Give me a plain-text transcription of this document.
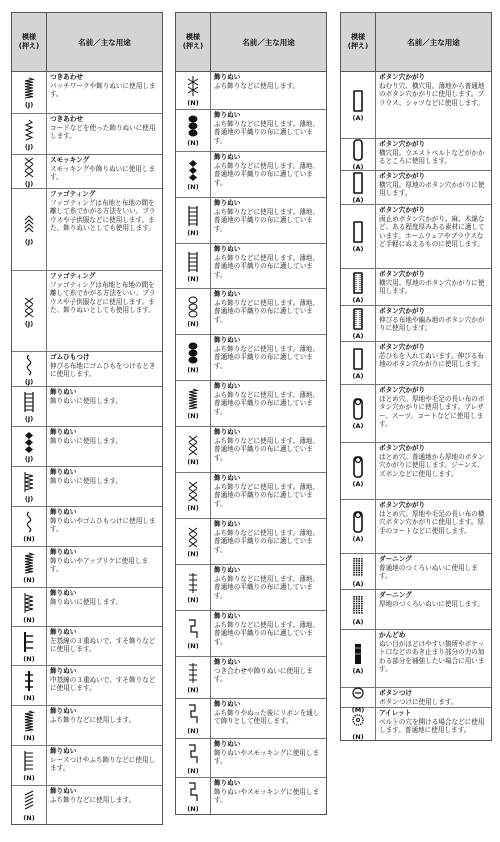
模様
(押え)	名前／主な用途
(J)
つきあわせ
パッチワークや飾りぬいに使用します。
(J)
つきあわせ
コードなどを使った飾りぬいに使用します。
(J)
スモッキング
スモッキングや飾りぬいに使用します。
(J)
ファゴティング
ファゴティングは布地と布地の間を離して糸でかがる方法をいい、ブラウスや子供服などに使用します。また、飾りぬいとしても使用します。
(J)
ファゴティング
ファゴティングは布地と布地の間を離して糸でかがる方法をいい、ブラウスや子供服などに使用します。また、飾りぬいとしても使用します。
(J)
ゴムひもつけ
伸びる布地にゴムひもをつけるときに使用します。
(J)
飾りぬい
飾りぬいに使用します。
(J)
飾りぬい
飾りぬいに使用します。
(J)
飾りぬい
飾りぬいに使用します。
(N)
飾りぬい
飾りぬいやゴムひもつけに使用します。
(N)
飾りぬい
飾りぬいやアップリケに使用します。
(N)
飾りぬい
飾りぬいに使用します。
(N)
飾りぬい
左基線の３重ぬいで、すそ飾りなどに使用します。
(N)
飾りぬい
中基線の３重ぬいで、すそ飾りなどに使用します。
(N)
飾りぬい
ふち飾りなどに使用します。
(N)
飾りぬい
レースつけやふち飾りなどに使用します。
(N)
飾りぬい
ふち飾りなどに使用します。
模様
(押え)	名前／主な用途
(N)
飾りぬい
ふち飾りなどに使用します。
(N)
飾りぬい
ふち飾りなどに使用します。薄地、普通地の平織りの布に適しています。
(N)
飾りぬい
ふち飾りなどに使用します。薄地、普通地の平織りの布に適しています。
(N)
飾りぬい
ふち飾りなどに使用します。薄地、普通地の平織りの布に適しています。
(N)
飾りぬい
ふち飾りなどに使用します。薄地、普通地の平織りの布に適しています。
(N)
飾りぬい
ふち飾りなどに使用します。薄地、普通地の平織りの布に適しています。
(N)
飾りぬい
ふち飾りなどに使用します。薄地、普通地の平織りの布に適しています。
(N)
飾りぬい
ふち飾りなどに使用します。薄地、普通地の平織りの布に適しています。
(N)
飾りぬい
ふち飾りなどに使用します。薄地、普通地の平織りの布に適しています。
(N)
飾りぬい
ふち飾りなどに使用します。薄地、普通地の平織りの布に適しています。
(N)
飾りぬい
ふち飾りなどに使用します。薄地、普通地の平織りの布に適しています。
(N)
飾りぬい
ふち飾りなどに使用します。薄地、普通地の平織りの布に適しています。
(N)
飾りぬい
ふち飾りなどに使用します。薄地、普通地の平織りの布に適しています。
(N)
飾りぬい
つき合わせや飾りぬいに使用します。
(N)
飾りぬい
ふち飾りやぬった後にリボンを通して飾りとして使用します。
(N)
飾りぬい
飾りぬいやスモッキングに使用します。
(N)
飾りぬい
飾りぬいやスモッキングに使用します。
模様
(押え)	名前／主な用途
(A)
ボタン穴かがり
ねむり穴、横穴用。薄地から普通地のボタン穴かがりに使用します。ブラウス、シャツなどに使用します。
(A)
ボタン穴かがり
横穴用。ウエストベルトなどがかかるところに使用します。
(A)
ボタン穴かがり
横穴用。厚地のボタン穴かがりに使用します。
(A)
ボタン穴かがり
両止めボタン穴かがり。麻、木綿など、ある程度厚みある素材に適しています。ホームウェアやブラウスなど手軽にぬえるものに使用します。
(A)
ボタン穴かがり
横穴用。厚地のボタン穴かがりに使用します。
(A)
ボタン穴かがり
伸びる布地や編み地のボタン穴かがりに使用します。
(A)
ボタン穴かがり
芯ひもを入れてぬいます。伸びる布地のボタン穴かがりに使用します。
(A)
ボタン穴かがり
はとめ穴。厚地や毛足の長い布のボタン穴かがりに使用します。ブレザー、スーツ、コートなどに使用します。
(A)
ボタン穴かがり
はとめ穴。普通地から厚地のボタン穴かがりに使用します。ジーンズ、ズボンなどに使用します。
(A)
ボタン穴かがり
はとめ穴。厚地や毛足の長い布の横穴ボタン穴かがりに使用します。厚手のコートなどに使用します。
(A)
ダーニング
普通地のつくろいぬいに使用します。
(A)
ダーニング
厚地のつくろいぬいに使用します。
(A)
かんどめ
ぬい目がほどけやすい箇所やポケット口などのあき止まり部分の力の加わる部分を補強したい場合に用います。
(M)
ボタンつけ
ボタンつけに使用します。
(N)
アイレット
ベルトの穴を開ける場合などに使用します。普通地に使用します。
